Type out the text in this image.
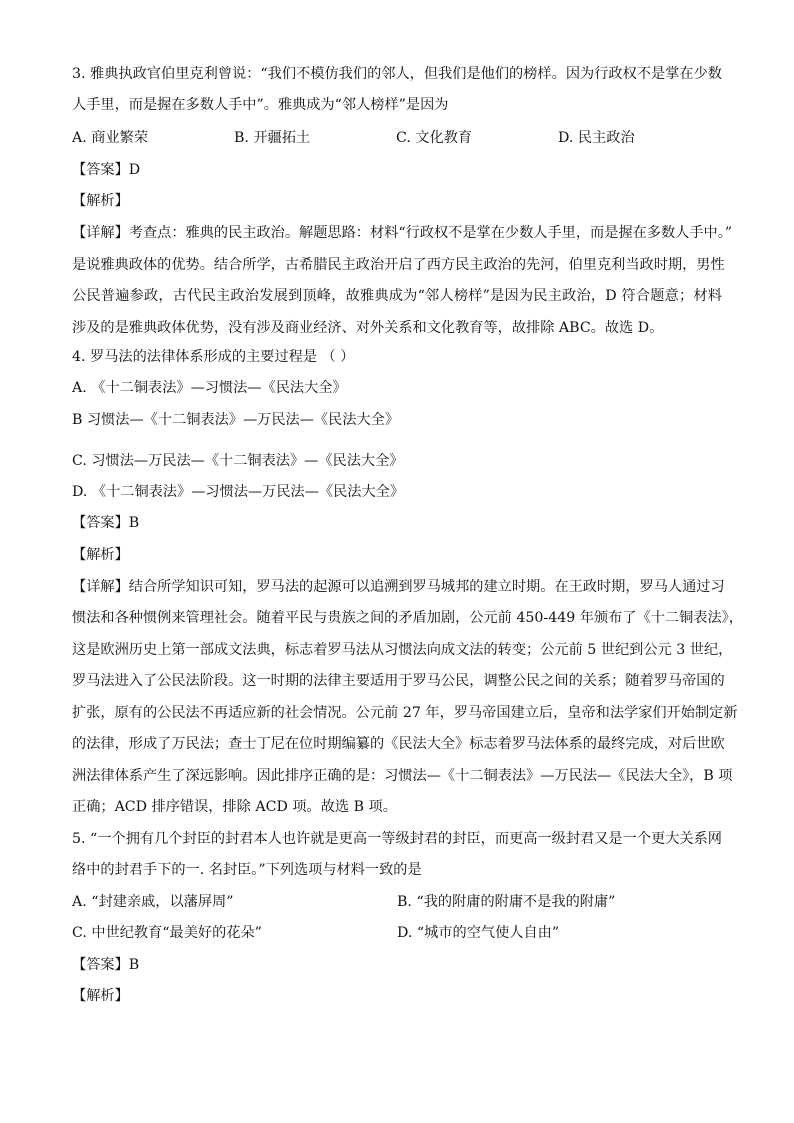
3. 雅典执政官伯里克利曾说：“我们不模仿我们的邻人，但我们是他们的榜样。因为行政权不是掌在少数
人手里，而是握在多数人手中”。雅典成为“邻人榜样”是因为
A. 商业繁荣	B. 开疆拓土	C. 文化教育	D. 民主政治
【答案】D
【解析】
【详解】考查点：雅典的民主政治。解题思路：材料“行政权不是掌在少数人手里，而是握在多数人手中。”
是说雅典政体的优势。结合所学，古希腊民主政治开启了西方民主政治的先河，伯里克利当政时期，男性
公民普遍参政，古代民主政治发展到顶峰，故雅典成为“邻人榜样”是因为民主政治，D 符合题意；材料
涉及的是雅典政体优势，没有涉及商业经济、对外关系和文化教育等，故排除 ABC。故选 D。
4. 罗马法的法律体系形成的主要过程是 （ ）
A. 《十二铜表法》—习惯法—《民法大全》
B 习惯法—《十二铜表法》—万民法—《民法大全》
C. 习惯法—万民法—《十二铜表法》—《民法大全》
D. 《十二铜表法》—习惯法—万民法—《民法大全》
【答案】B
【解析】
【详解】结合所学知识可知，罗马法的起源可以追溯到罗马城邦的建立时期。在王政时期，罗马人通过习
惯法和各种惯例来管理社会。随着平民与贵族之间的矛盾加剧，公元前 450-449 年颁布了《十二铜表法》，
这是欧洲历史上第一部成文法典，标志着罗马法从习惯法向成文法的转变；公元前 5 世纪到公元 3 世纪，
罗马法进入了公民法阶段。这一时期的法律主要适用于罗马公民，调整公民之间的关系；随着罗马帝国的
扩张，原有的公民法不再适应新的社会情况。公元前 27 年，罗马帝国建立后，皇帝和法学家们开始制定新
的法律，形成了万民法；查士丁尼在位时期编纂的《民法大全》标志着罗马法体系的最终完成，对后世欧
洲法律体系产生了深远影响。因此排序正确的是：习惯法—《十二铜表法》—万民法—《民法大全》，B 项
正确；ACD 排序错误，排除 ACD 项。故选 B 项。
5. “一个拥有几个封臣的封君本人也许就是更高一等级封君的封臣，而更高一级封君又是一个更大关系网
络中的封君手下的一. 名封臣。”下列选项与材料一致的是
A. “封建亲戚，以藩屏周”	B. “我的附庸的附庸不是我的附庸”
C. 中世纪教育“最美好的花朵”	D. “城市的空气使人自由”
【答案】B
【解析】
